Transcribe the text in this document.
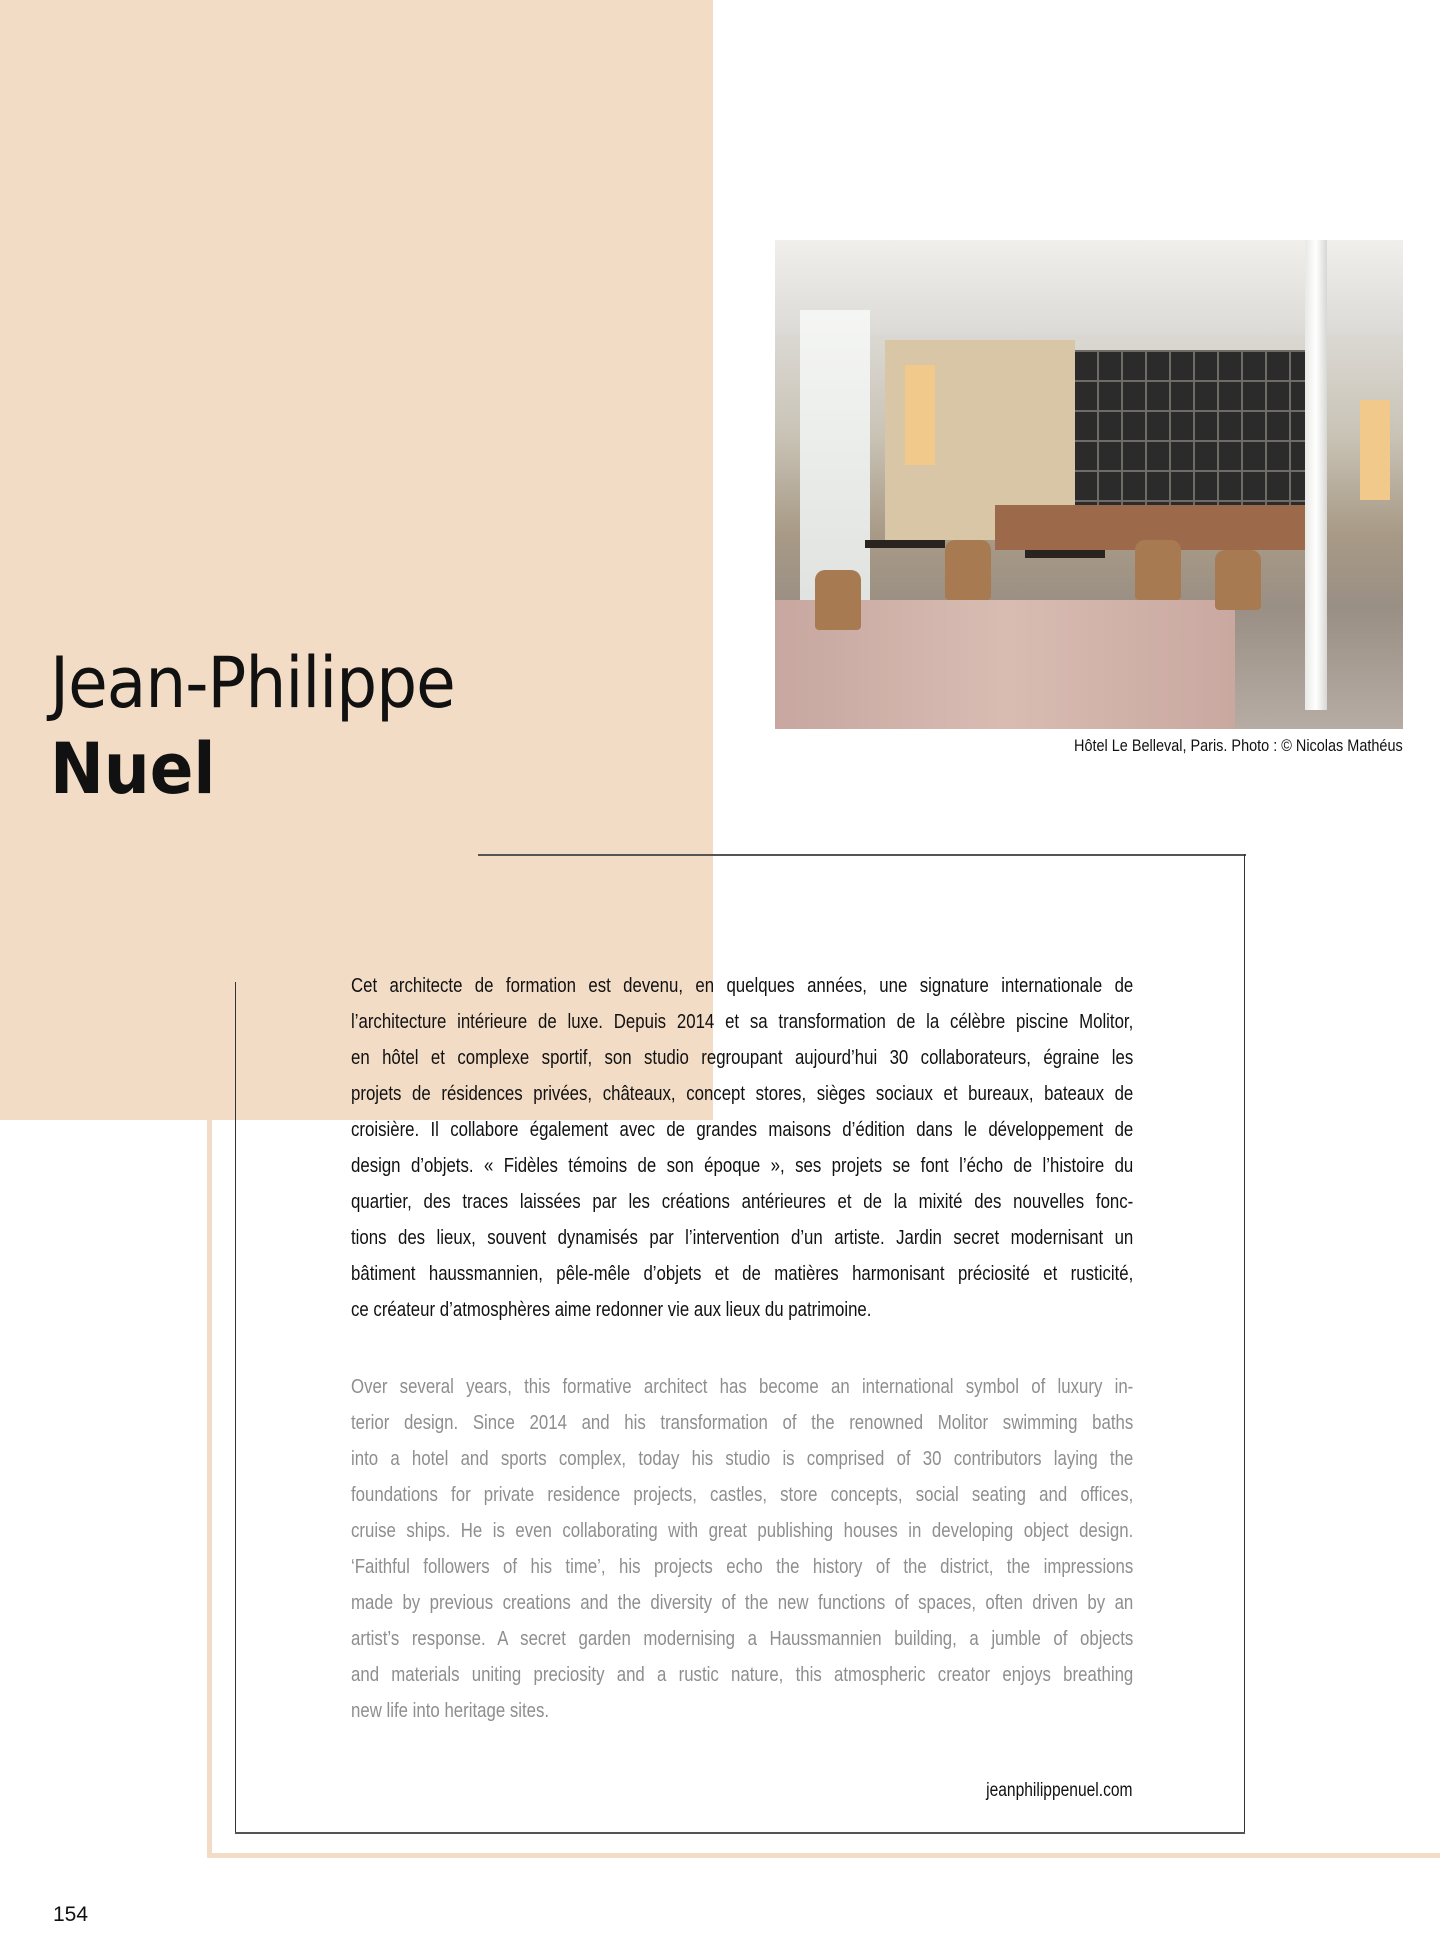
Jean-Philippe
Nuel	Hôtel Le Belleval, Paris. Photo : © Nicolas Mathéus
Cet architecte de formation est devenu, en quelques années, une signature internationale de
l’architecture intérieure de luxe. Depuis 2014 et sa transformation de la célèbre piscine Molitor,
en hôtel et complexe sportif, son studio regroupant aujourd’hui 30 collaborateurs, égraine les
projets de résidences privées, châteaux, concept stores, sièges sociaux et bureaux, bateaux de
croisière. Il collabore également avec de grandes maisons d’édition dans le développement de
design d’objets. « Fidèles témoins de son époque », ses projets se font l’écho de l’histoire du
quartier, des traces laissées par les créations antérieures et de la mixité des nouvelles fonc-
tions des lieux, souvent dynamisés par l’intervention d’un artiste. Jardin secret modernisant un
bâtiment haussmannien, pêle-mêle d’objets et de matières harmonisant préciosité et rusticité,
ce créateur d’atmosphères aime redonner vie aux lieux du patrimoine.
Over several years, this formative architect has become an international symbol of luxury in-
terior design. Since 2014 and his transformation of the renowned Molitor swimming baths
into a hotel and sports complex, today his studio is comprised of 30 contributors laying the
foundations for private residence projects, castles, store concepts, social seating and offices,
cruise ships. He is even collaborating with great publishing houses in developing object design.
‘Faithful followers of his time’, his projects echo the history of the district, the impressions
made by previous creations and the diversity of the new functions of spaces, often driven by an
artist’s response. A secret garden modernising a Haussmannien building, a jumble of objects
and materials uniting preciosity and a rustic nature, this atmospheric creator enjoys breathing
new life into heritage sites.
jeanphilippenuel.com
154
